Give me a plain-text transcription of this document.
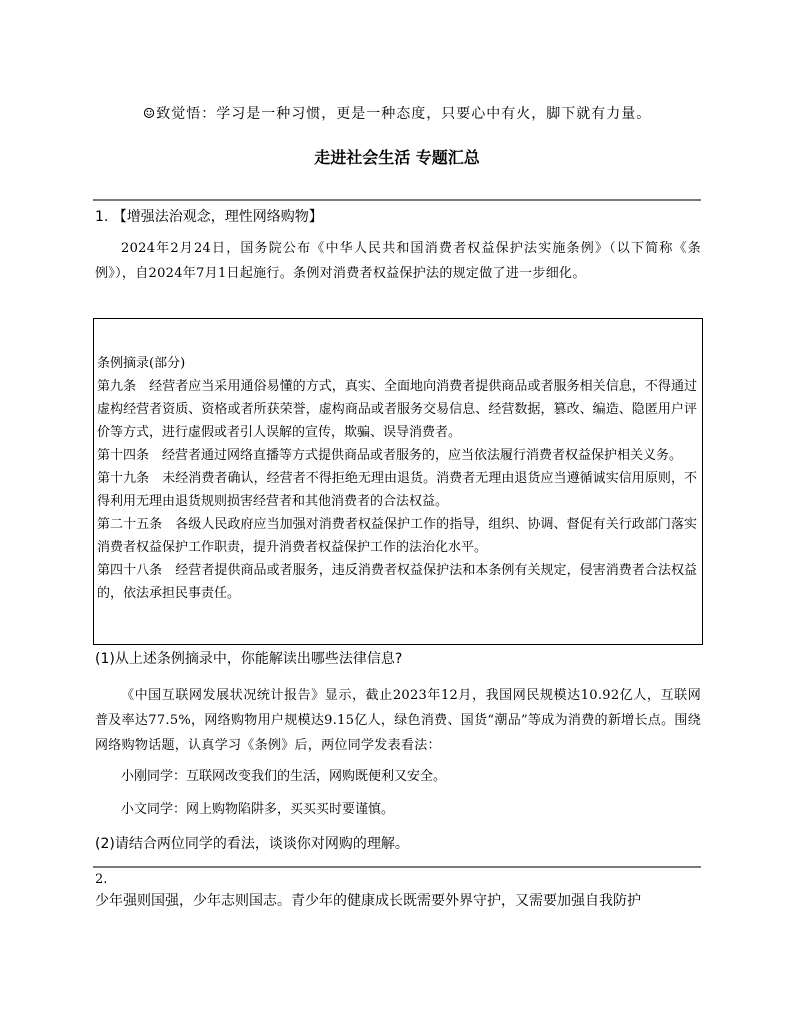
☺致觉悟：学习是一种习惯，更是一种态度，只要心中有火，脚下就有力量。
走进社会生活 专题汇总
1. 【增强法治观念，理性网络购物】
2024年2月24日，国务院公布《中华人民共和国消费者权益保护法实施条例》（以下简称《条例》），自2024年7月1日起施行。条例对消费者权益保护法的规定做了进一步细化。
条例摘录(部分)
第九条　经营者应当采用通俗易懂的方式，真实、全面地向消费者提供商品或者服务相关信息，不得通过虚构经营者资质、资格或者所获荣誉，虚构商品或者服务交易信息、经营数据，篡改、编造、隐匿用户评价等方式，进行虚假或者引人误解的宣传，欺骗、误导消费者。
第十四条　经营者通过网络直播等方式提供商品或者服务的，应当依法履行消费者权益保护相关义务。
第十九条　未经消费者确认，经营者不得拒绝无理由退货。消费者无理由退货应当遵循诚实信用原则，不得利用无理由退货规则损害经营者和其他消费者的合法权益。
第二十五条　各级人民政府应当加强对消费者权益保护工作的指导，组织、协调、督促有关行政部门落实消费者权益保护工作职责，提升消费者权益保护工作的法治化水平。
第四十八条　经营者提供商品或者服务，违反消费者权益保护法和本条例有关规定，侵害消费者合法权益的，依法承担民事责任。
(1)从上述条例摘录中，你能解读出哪些法律信息?
《中国互联网发展状况统计报告》显示，截止2023年12月，我国网民规模达10.92亿人，互联网普及率达77.5%，网络购物用户规模达9.15亿人，绿色消费、国货“潮品”等成为消费的新增长点。围绕网络购物话题，认真学习《条例》后，两位同学发表看法：
小刚同学：互联网改变我们的生活，网购既便利又安全。
小文同学：网上购物陷阱多，买买买时要谨慎。
(2)请结合两位同学的看法，谈谈你对网购的理解。
2.
少年强则国强，少年志则国志。青少年的健康成长既需要外界守护，又需要加强自我防护
